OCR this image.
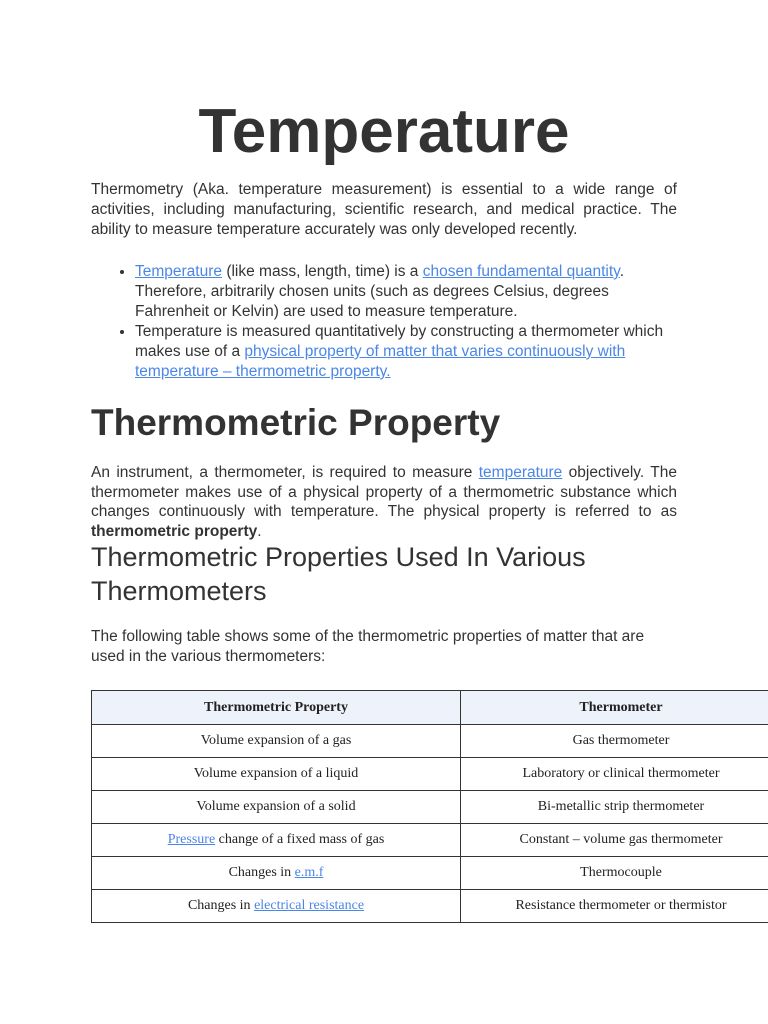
Temperature

Thermometry (Aka. temperature measurement) is essential to a wide range of activities, including manufacturing, scientific research, and medical practice. The ability to measure temperature accurately was only developed recently.

• Temperature (like mass, length, time) is a chosen fundamental quantity. Therefore, arbitrarily chosen units (such as degrees Celsius, degrees Fahrenheit or Kelvin) are used to measure temperature.
• Temperature is measured quantitatively by constructing a thermometer which makes use of a physical property of matter that varies continuously with temperature – thermometric property.
Thermometric Property

An instrument, a thermometer, is required to measure temperature objectively. The thermometer makes use of a physical property of a thermometric substance which changes continuously with temperature. The physical property is referred to as thermometric property.

Thermometric Properties Used In Various Thermometers

The following table shows some of the thermometric properties of matter that are used in the various thermometers:

Thermometric Property	Thermometer
Volume expansion of a gas	Gas thermometer
Volume expansion of a liquid	Laboratory or clinical thermometer
Volume expansion of a solid	Bi-metallic strip thermometer
Pressure change of a fixed mass of gas	Constant – volume gas thermometer
Changes in e.m.f	Thermocouple
Changes in electrical resistance	Resistance thermometer or thermistor
